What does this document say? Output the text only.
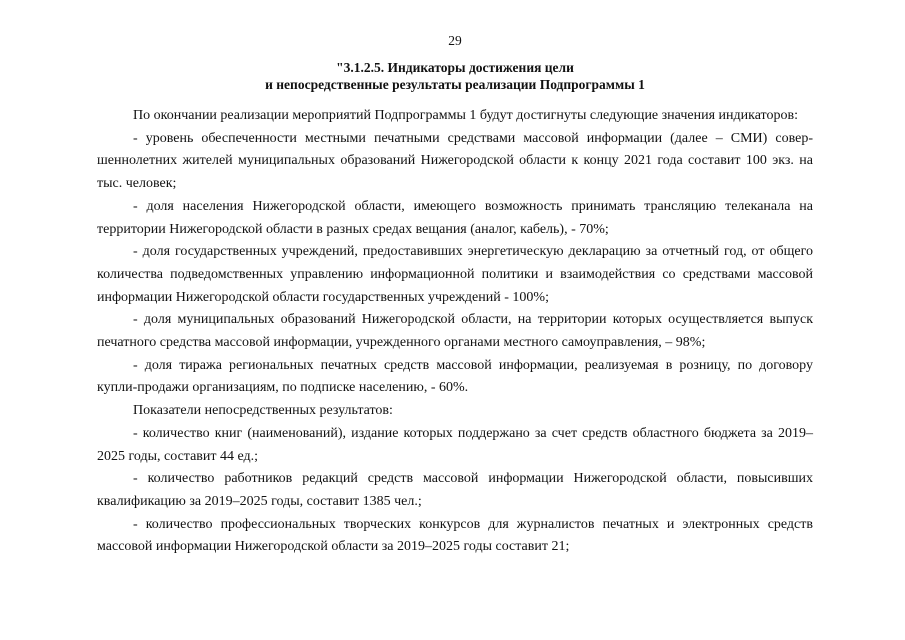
29
"3.1.2.5. Индикаторы достижения цели
и непосредственные результаты реализации Подпрограммы 1

По окончании реализации мероприятий Подпрограммы 1 будут достигнуты следующие значения индикаторов:

- уровень обеспеченности местными печатными средствами массовой информации (далее – СМИ) совершеннолетних жителей муниципальных образований Нижегородской области к концу 2021 года составит 100 экз. на тыс. человек;

- доля населения Нижегородской области, имеющего возможность принимать трансляцию телеканала на территории Нижегородской области в разных средах вещания (аналог, кабель), - 70%;

- доля государственных учреждений, предоставивших энергетическую декларацию за отчетный год, от общего количества подведомственных управлению информационной политики и взаимодействия со средствами массовой информации Нижегородской области государственных учреждений - 100%;

- доля муниципальных образований Нижегородской области, на территории которых осуществляется выпуск печатного средства массовой информации, учрежденного органами местного самоуправления, – 98%;

- доля тиража региональных печатных средств массовой информации, реализуемая в розницу, по договору купли-продажи организациям, по подписке населению, - 60%.

Показатели непосредственных результатов:

- количество книг (наименований), издание которых поддержано за счет средств областного бюджета за 2019–2025 годы, составит 44 ед.;

- количество работников редакций средств массовой информации Нижегородской области, повысивших квалификацию за 2019–2025 годы, составит 1385 чел.;

- количество профессиональных творческих конкурсов для журналистов печатных и электронных средств массовой информации Нижегородской области за 2019–2025 годы составит 21;
